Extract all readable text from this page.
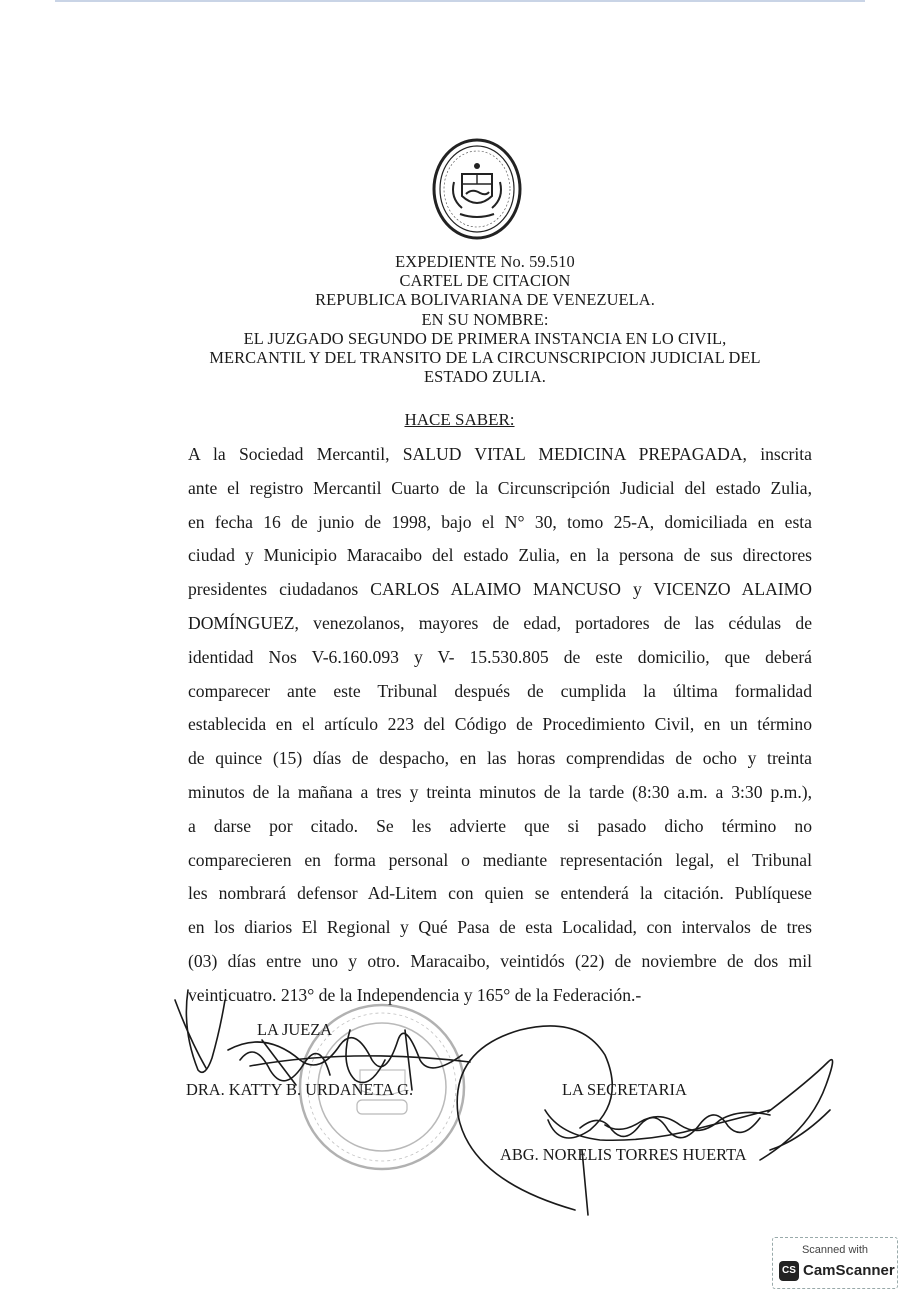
EXPEDIENTE No. 59.510
CARTEL DE CITACION
REPUBLICA BOLIVARIANA DE VENEZUELA.
EN SU NOMBRE:
EL JUZGADO SEGUNDO DE PRIMERA INSTANCIA EN LO CIVIL,
MERCANTIL Y DEL TRANSITO DE LA CIRCUNSCRIPCION JUDICIAL DEL
ESTADO ZULIA.
HACE SABER:
A la Sociedad Mercantil, SALUD VITAL MEDICINA PREPAGADA, inscrita
ante el registro Mercantil Cuarto de la Circunscripción Judicial del estado Zulia,
en fecha 16 de junio de 1998, bajo el N° 30, tomo 25-A, domiciliada en esta
ciudad y Municipio Maracaibo del estado Zulia, en la persona de sus directores
presidentes ciudadanos CARLOS ALAIMO MANCUSO y VICENZO ALAIMO
DOMÍNGUEZ, venezolanos, mayores de edad, portadores de las cédulas de
identidad Nos V-6.160.093 y V- 15.530.805 de este domicilio, que deberá
comparecer ante este Tribunal después de cumplida la última formalidad
establecida en el artículo 223 del Código de Procedimiento Civil, en un término
de quince (15) días de despacho, en las horas comprendidas de ocho y treinta
minutos de la mañana a tres y treinta minutos de la tarde (8:30 a.m. a 3:30 p.m.),
a darse por citado. Se les advierte que si pasado dicho término no
comparecieren en forma personal o mediante representación legal, el Tribunal
les nombrará defensor Ad-Litem con quien se entenderá la citación. Publíquese
en los diarios El Regional y Qué Pasa de esta Localidad, con intervalos de tres
(03) días entre uno y otro. Maracaibo, veintidós (22) de noviembre de dos mil
veinticuatro. 213° de la Independencia y 165° de la Federación.-
LA JUEZA
DRA. KATTY B. URDANETA G.	LA SECRETARIA
ABG. NORELIS TORRES HUERTA
Scanned with
CS CamScanner
